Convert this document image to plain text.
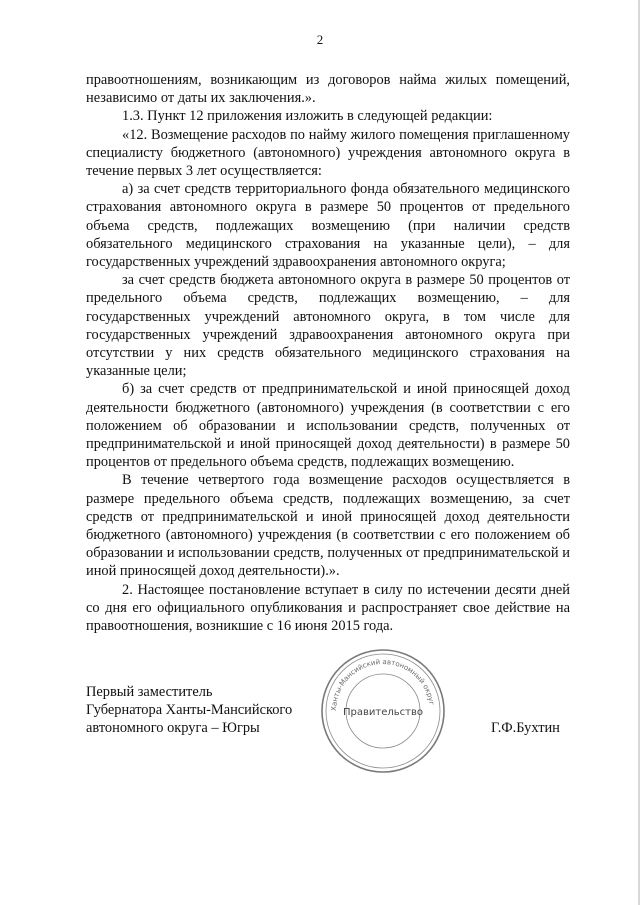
2

правоотношениям, возникающим из договоров найма жилых помещений, независимо от даты их заключения.».

1.3. Пункт 12 приложения изложить в следующей редакции:

«12. Возмещение расходов по найму жилого помещения приглашенному специалисту бюджетного (автономного) учреждения автономного округа в течение первых 3 лет осуществляется:

а) за счет средств территориального фонда обязательного медицинского страхования автономного округа в размере 50 процентов от предельного объема средств, подлежащих возмещению (при наличии средств обязательного медицинского страхования на указанные цели), – для государственных учреждений здравоохранения автономного округа;

за счет средств бюджета автономного округа в размере 50 процентов от предельного объема средств, подлежащих возмещению, – для государственных учреждений автономного округа, в том числе для государственных учреждений здравоохранения автономного округа при отсутствии у них средств обязательного медицинского страхования на указанные цели;

б) за счет средств от предпринимательской и иной приносящей доход деятельности бюджетного (автономного) учреждения (в соответствии с его положением об образовании и использовании средств, полученных от предпринимательской и иной приносящей доход деятельности) в размере 50 процентов от предельного объема средств, подлежащих возмещению.

В течение четвертого года возмещение расходов осуществляется в размере предельного объема средств, подлежащих возмещению, за счет средств от предпринимательской и иной приносящей доход деятельности бюджетного (автономного) учреждения (в соответствии с его положением об образовании и использовании средств, полученных от предпринимательской и иной приносящей доход деятельности).».

2. Настоящее постановление вступает в силу по истечении десяти дней со дня его официального опубликования и распространяет свое действие на правоотношения, возникшие с 16 июня 2015 года.

Первый заместитель
Губернатора Ханты-Мансийского
автономного округа – Югры
Ханты-Мансийский автономный округ
Правительство
Г.Ф.Бухтин
